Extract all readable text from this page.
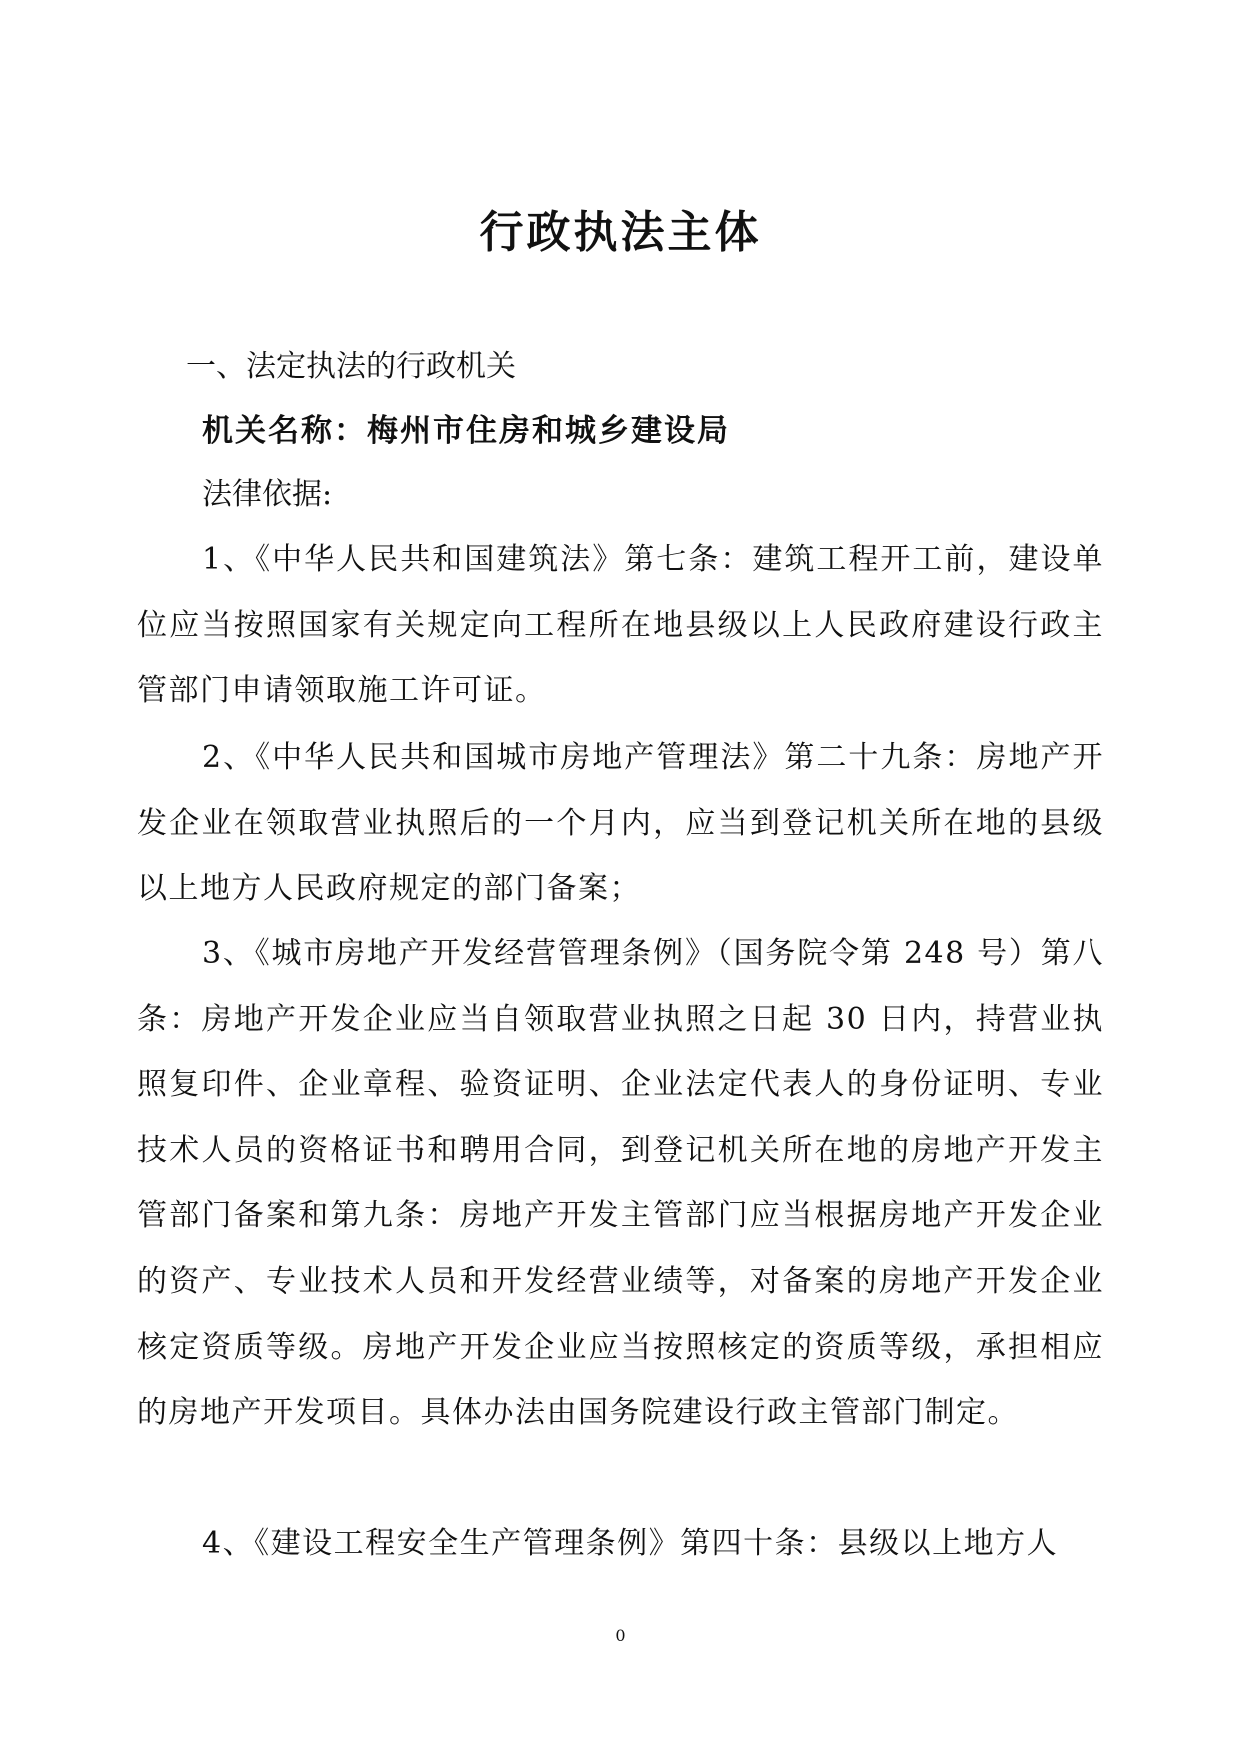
行政执法主体

一、法定执法的行政机关

机关名称：梅州市住房和城乡建设局

法律依据:

1、《中华人民共和国建筑法》第七条：建筑工程开工前，建设单位应当按照国家有关规定向工程所在地县级以上人民政府建设行政主管部门申请领取施工许可证。

2、《中华人民共和国城市房地产管理法》第二十九条：房地产开发企业在领取营业执照后的一个月内，应当到登记机关所在地的县级以上地方人民政府规定的部门备案；

3、《城市房地产开发经营管理条例》（国务院令第 248 号）第八条：房地产开发企业应当自领取营业执照之日起 30 日内，持营业执照复印件、企业章程、验资证明、企业法定代表人的身份证明、专业技术人员的资格证书和聘用合同，到登记机关所在地的房地产开发主管部门备案和第九条：房地产开发主管部门应当根据房地产开发企业的资产、专业技术人员和开发经营业绩等，对备案的房地产开发企业核定资质等级。房地产开发企业应当按照核定的资质等级，承担相应的房地产开发项目。具体办法由国务院建设行政主管部门制定。

4、《建设工程安全生产管理条例》第四十条：县级以上地方人

0
